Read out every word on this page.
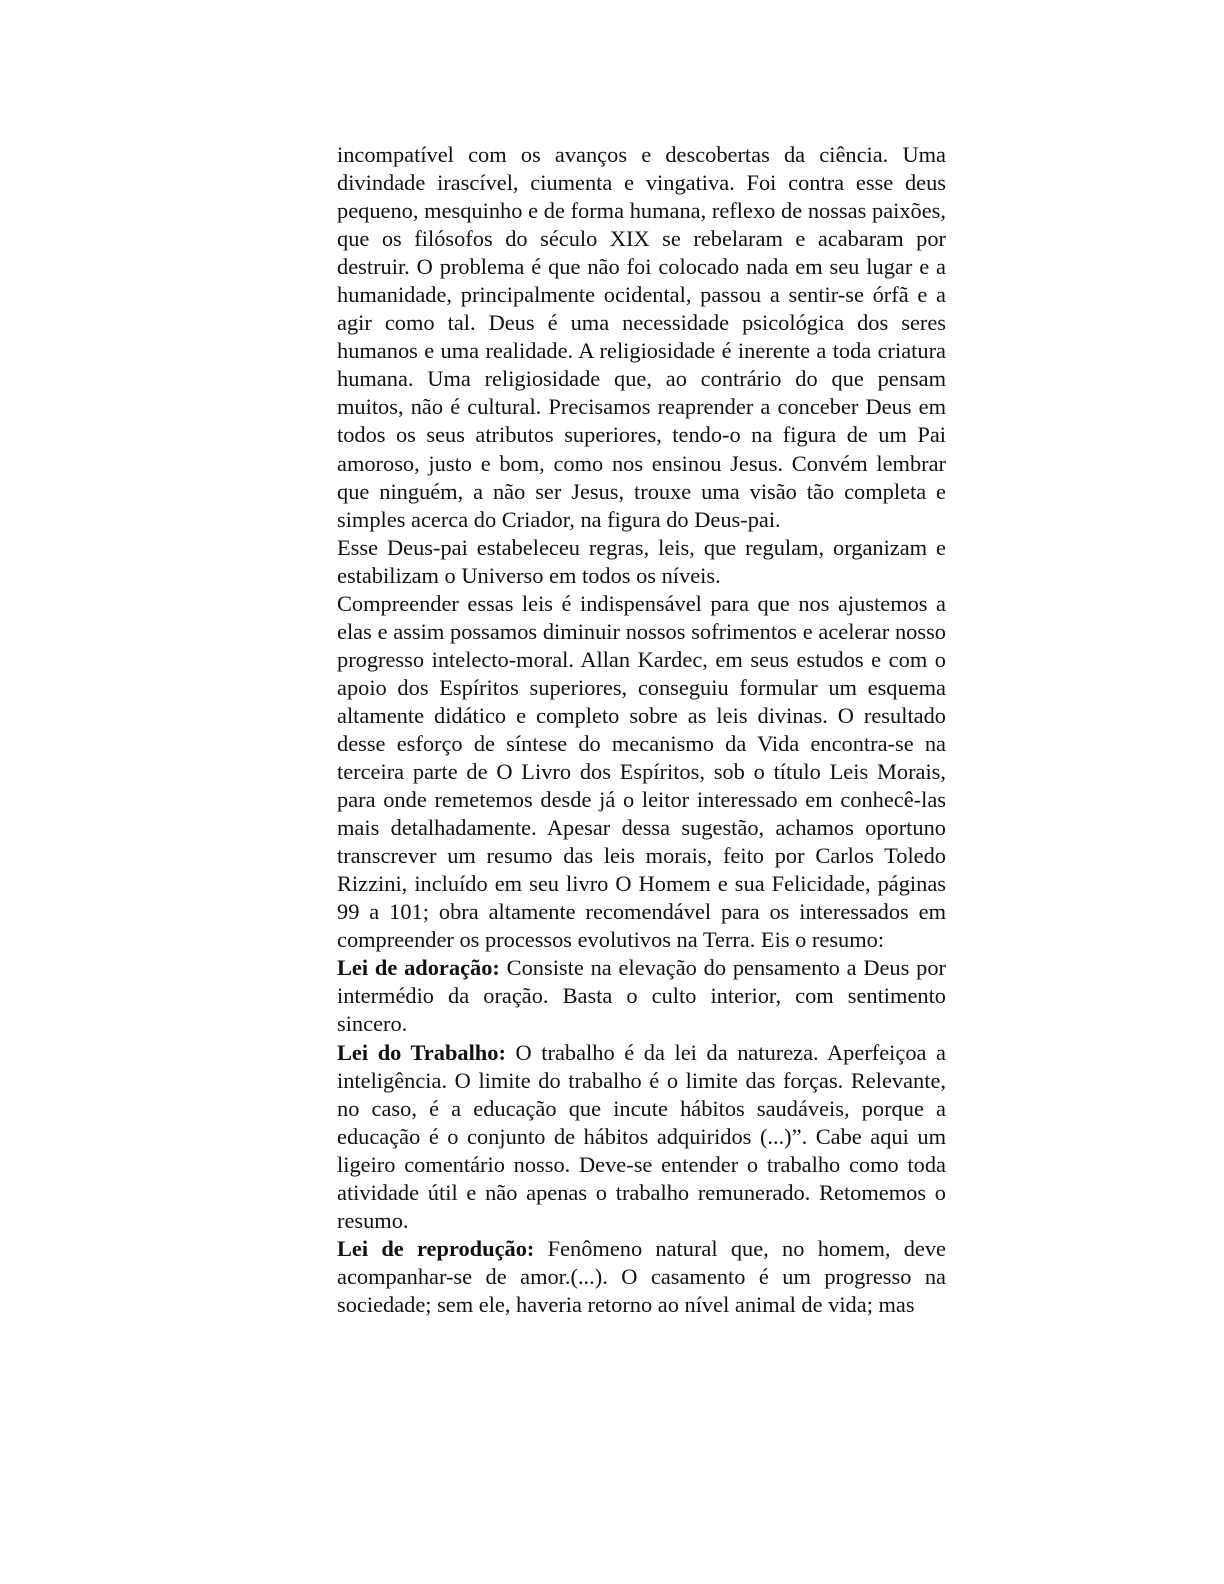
incompatível com os avanços e descobertas da ciência. Uma divindade irascível, ciumenta e vingativa. Foi contra esse deus pequeno, mesquinho e de forma humana, reflexo de nossas paixões, que os filósofos do século XIX se rebelaram e acabaram por destruir. O problema é que não foi colocado nada em seu lugar e a humanidade, principalmente ocidental, passou a sentir-se órfã e a agir como tal. Deus é uma necessidade psicológica dos seres humanos e uma realidade. A religiosidade é inerente a toda criatura humana. Uma religiosidade que, ao contrário do que pensam muitos, não é cultural. Precisamos reaprender a conceber Deus em todos os seus atributos superiores, tendo-o na figura de um Pai amoroso, justo e bom, como nos ensinou Jesus. Convém lembrar que ninguém, a não ser Jesus, trouxe uma visão tão completa e simples acerca do Criador, na figura do Deus-pai.

Esse Deus-pai estabeleceu regras, leis, que regulam, organizam e estabilizam o Universo em todos os níveis.

Compreender essas leis é indispensável para que nos ajustemos a elas e assim possamos diminuir nossos sofrimentos e acelerar nosso progresso intelecto-moral. Allan Kardec, em seus estudos e com o apoio dos Espíritos superiores, conseguiu formular um esquema altamente didático e completo sobre as leis divinas. O resultado desse esforço de síntese do mecanismo da Vida encontra-se na terceira parte de O Livro dos Espíritos, sob o título Leis Morais, para onde remetemos desde já o leitor interessado em conhecê-las mais detalhadamente. Apesar dessa sugestão, achamos oportuno transcrever um resumo das leis morais, feito por Carlos Toledo Rizzini, incluído em seu livro O Homem e sua Felicidade, páginas 99 a 101; obra altamente recomendável para os interessados em compreender os processos evolutivos na Terra. Eis o resumo:

Lei de adoração: Consiste na elevação do pensamento a Deus por intermédio da oração. Basta o culto interior, com sentimento sincero.

Lei do Trabalho: O trabalho é da lei da natureza. Aperfeiçoa a inteligência. O limite do trabalho é o limite das forças. Relevante, no caso, é a educação que incute hábitos saudáveis, porque a educação é o conjunto de hábitos adquiridos (...)”. Cabe aqui um ligeiro comentário nosso. Deve-se entender o trabalho como toda atividade útil e não apenas o trabalho remunerado. Retomemos o resumo.

Lei de reprodução: Fenômeno natural que, no homem, deve acompanhar-se de amor.(...). O casamento é um progresso na sociedade; sem ele, haveria retorno ao nível animal de vida; mas
